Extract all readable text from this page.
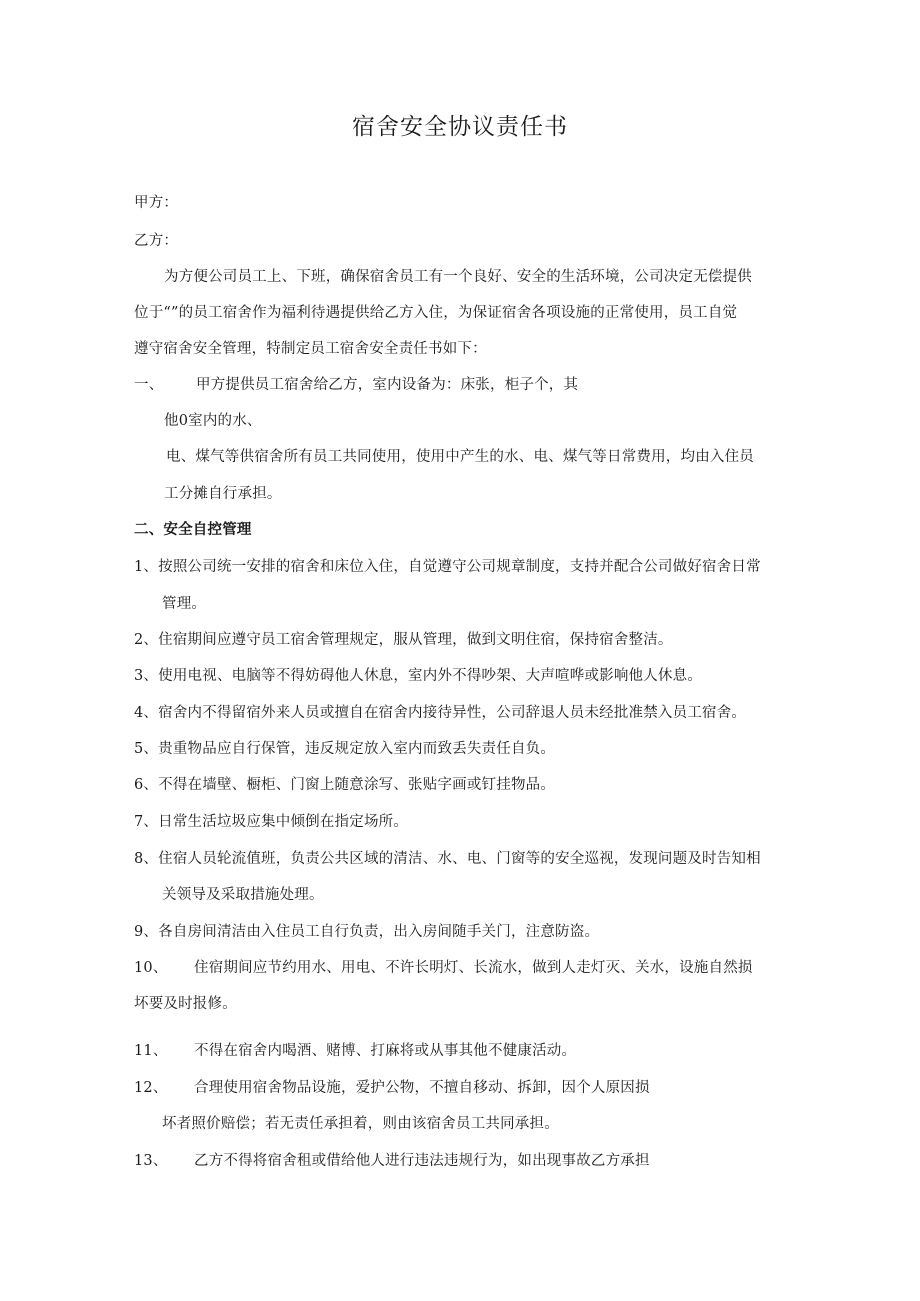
宿舍安全协议责任书
甲方：
乙方：
为方便公司员工上、下班，确保宿舍员工有一个良好、安全的生活环境，公司决定无偿提供
位于“”的员工宿舍作为福利待遇提供给乙方入住，为保证宿舍各项设施的正常使用，员工自觉
遵守宿舍安全管理，特制定员工宿舍安全责任书如下：
一、 甲方提供员工宿舍给乙方，室内设备为：床张，柜子个，其
他0室内的水、
电、煤气等供宿舍所有员工共同使用，使用中产生的水、电、煤气等日常费用，均由入住员
工分摊自行承担。
二、安全自控管理
1、按照公司统一安排的宿舍和床位入住，自觉遵守公司规章制度，支持并配合公司做好宿舍日常
管理。
2、住宿期间应遵守员工宿舍管理规定，服从管理，做到文明住宿，保持宿舍整洁。
3、使用电视、电脑等不得妨碍他人休息，室内外不得吵架、大声喧哗或影响他人休息。
4、宿舍内不得留宿外来人员或擅自在宿舍内接待异性，公司辞退人员未经批准禁入员工宿舍。
5、贵重物品应自行保管，违反规定放入室内而致丢失责任自负。
6、不得在墙壁、橱柜、门窗上随意涂写、张贴字画或钉挂物品。
7、日常生活垃圾应集中倾倒在指定场所。
8、住宿人员轮流值班，负责公共区域的清洁、水、电、门窗等的安全巡视，发现问题及时告知相
关领导及采取措施处理。
9、各自房间清洁由入住员工自行负责，出入房间随手关门，注意防盗。
10、 住宿期间应节约用水、用电、不许长明灯、长流水，做到人走灯灭、关水，设施自然损
坏要及时报修。
11、 不得在宿舍内喝酒、赌博、打麻将或从事其他不健康活动。
12、 合理使用宿舍物品设施，爱护公物，不擅自移动、拆卸，因个人原因损
坏者照价赔偿；若无责任承担着，则由该宿舍员工共同承担。
13、 乙方不得将宿舍租或借给他人进行违法违规行为，如出现事故乙方承担
